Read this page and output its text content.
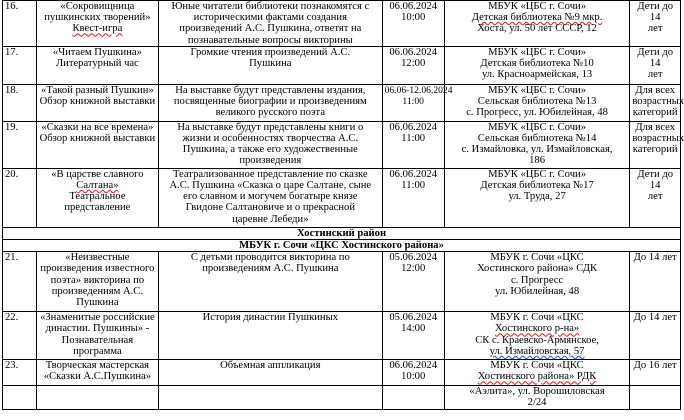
16.	«Сокровищница
пушкинских творений»
Квест-игра	Юные читатели библиотеки познакомятся с
историческими фактами создания
произведений А.С. Пушкина, ответят на
познавательные вопросы викторины	06.06.2024
10:00	МБУК «ЦБС г. Сочи»
Детская библиотека №9 мкр.
Хоста, ул. 50 лет СССР, 12	Дети до 14
лет

17.	«Читаем Пушкина»
Литературный час	Громкие чтения произведений А.С.
Пушкина	06.06.2024
12:00	МБУК «ЦБС г. Сочи»
Детская библиотека №10
ул. Красноармейская, 13	Дети до 14
лет

18.	«Такой разный Пушкин»
Обзор книжной выставки	На выставке будут представлены издания,
посвященные биографии и произведениям
великого русского поэта	06.06-12.06.2024
11:00	МБУК «ЦБС г. Сочи»
Сельская библиотека №13
с. Прогресс, ул. Юбилейная, 48	Для всех
возрастных
категорий

19.	«Сказки на все времена»
Обзор книжной выставки	На выставке будут представлены книги о
жизни и особенностях творчества А.С.
Пушкина, а также его художественные
произведения	06.06.2024
11:00	МБУК «ЦБС г. Сочи»
Сельская библиотека №14
с. Измайловка, ул. Измайловская,
186	Для всех
возрастных
категорий

20.	«В царстве славного
Салтана»
Театральное
представление	Театрализованное представление по сказке
А.С. Пушкина «Сказка о царе Салтане, сыне
его славном и могучем богатыре князе
Гвидоне Салтановиче и о прекрасной
царевне Лебеди»	06.06.2024
11:00	МБУК «ЦБС г. Сочи»
Детская библиотека №17
ул. Труда, 27	Дети до 14
лет

Хостинский район					
МБУК г. Сочи «ЦКС Хостинского района»					
21.	«Неизвестные
произведения известного
поэта» викторина по
произведениям А.С.
Пушкина	С детьми проводится викторина по
произведениям А.С. Пушкина	05.06.2024
12:00	МБУК г. Сочи «ЦКС
Хостинского района» СДК
с. Прогресс
ул. Юбилейная, 48	До 14 лет

22.	«Знаменитые российские
династии. Пушкины» -
Познавательная
программа	История династии Пушкиных	05.06.2024
14:00	МБУК г. Сочи «ЦКС
Хостинского р-на»
СК с. Краевско-Армянское,
ул. Измайловская, 57	До 14 лет

23.	Творческая мастерская
«Сказки А.С.Пушкина»	Объемная аппликация	06.06.2024
10:00	МБУК г. Сочи «ЦКС
Хостинского района» РДК	До 16 лет

				«Аэлита», ул. Ворошиловская
2/24	
